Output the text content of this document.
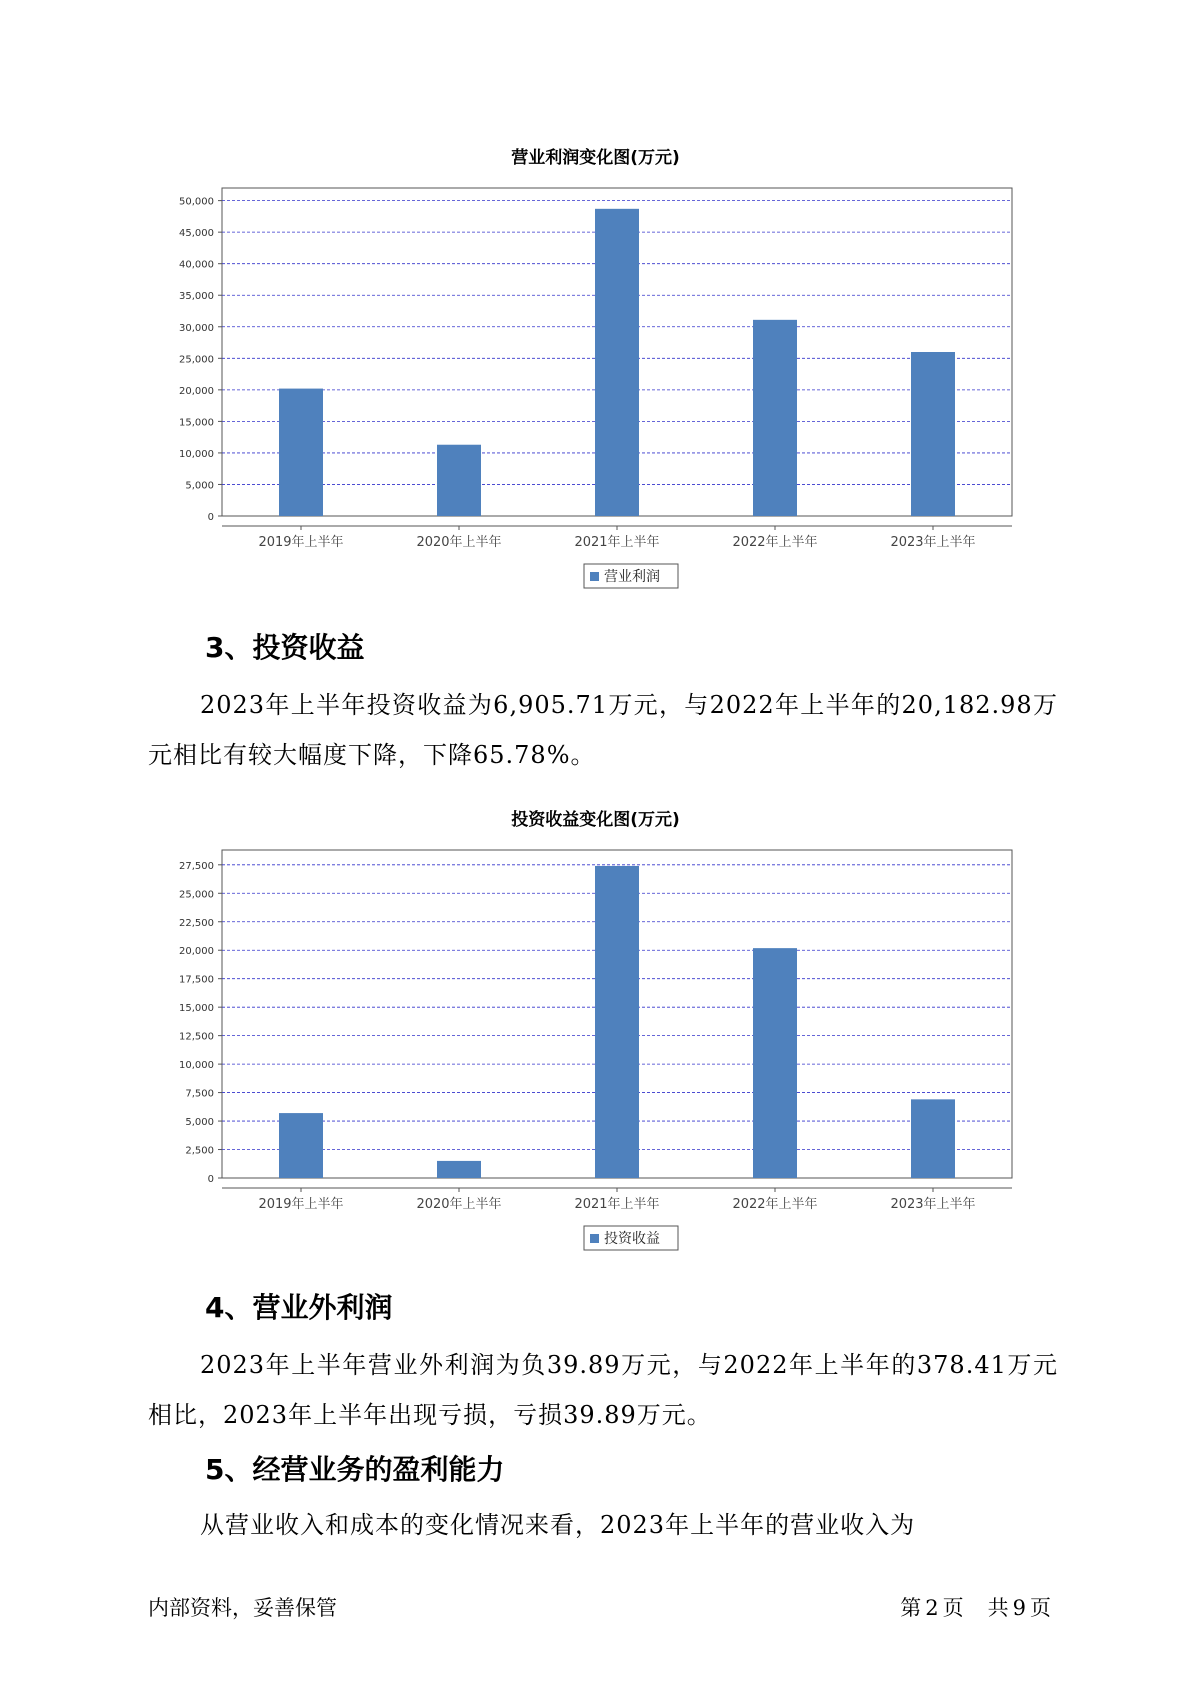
营业利润变化图(万元)
0
5,000
10,000
15,000
20,000
25,000
30,000
35,000
40,000
45,000
50,000
2019年上半年	2020年上半年	2021年上半年	2022年上半年	2023年上半年
营业利润
3、投资收益
2023年上半年投资收益为6,905.71万元，与2022年上半年的20,182.98万元相比有较大幅度下降，下降65.78%。
投资收益变化图(万元)
0
2,500
5,000
7,500
10,000
12,500
15,000
17,500
20,000
22,500
25,000
27,500
2019年上半年	2020年上半年	2021年上半年	2022年上半年	2023年上半年
投资收益
4、营业外利润
2023年上半年营业外利润为负39.89万元，与2022年上半年的378.41万元相比，2023年上半年出现亏损，亏损39.89万元。
5、经营业务的盈利能力
从营业收入和成本的变化情况来看，2023年上半年的营业收入为
内部资料，妥善保管	第 2 页 共 9 页
